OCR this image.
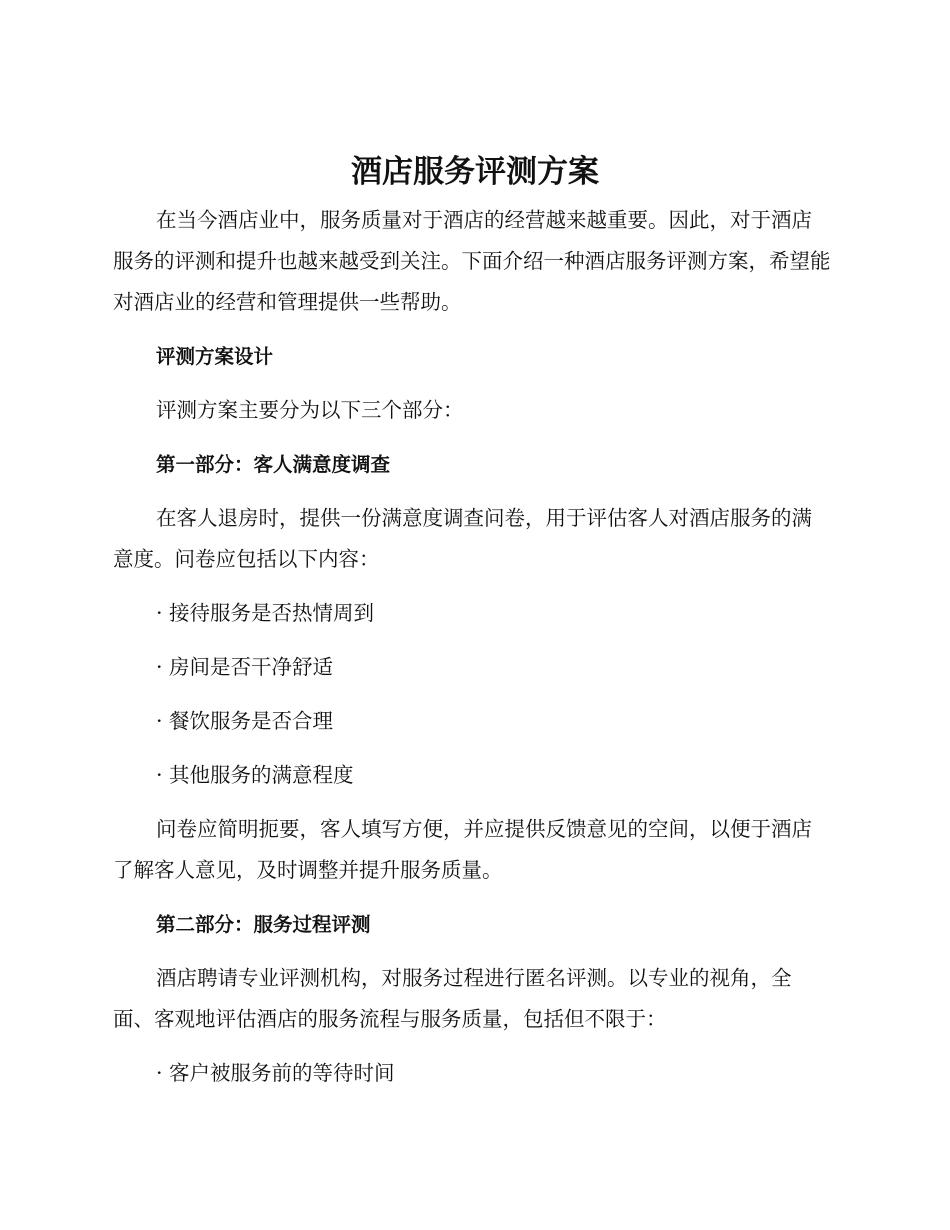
酒店服务评测方案

在当今酒店业中，服务质量对于酒店的经营越来越重要。因此，对于酒店服务的评测和提升也越来越受到关注。下面介绍一种酒店服务评测方案，希望能对酒店业的经营和管理提供一些帮助。

评测方案设计

评测方案主要分为以下三个部分：

第一部分：客人满意度调查

在客人退房时，提供一份满意度调查问卷，用于评估客人对酒店服务的满意度。问卷应包括以下内容：

· 接待服务是否热情周到

· 房间是否干净舒适

· 餐饮服务是否合理

· 其他服务的满意程度

问卷应简明扼要，客人填写方便，并应提供反馈意见的空间，以便于酒店了解客人意见，及时调整并提升服务质量。

第二部分：服务过程评测

酒店聘请专业评测机构，对服务过程进行匿名评测。以专业的视角，全面、客观地评估酒店的服务流程与服务质量，包括但不限于：

· 客户被服务前的等待时间
